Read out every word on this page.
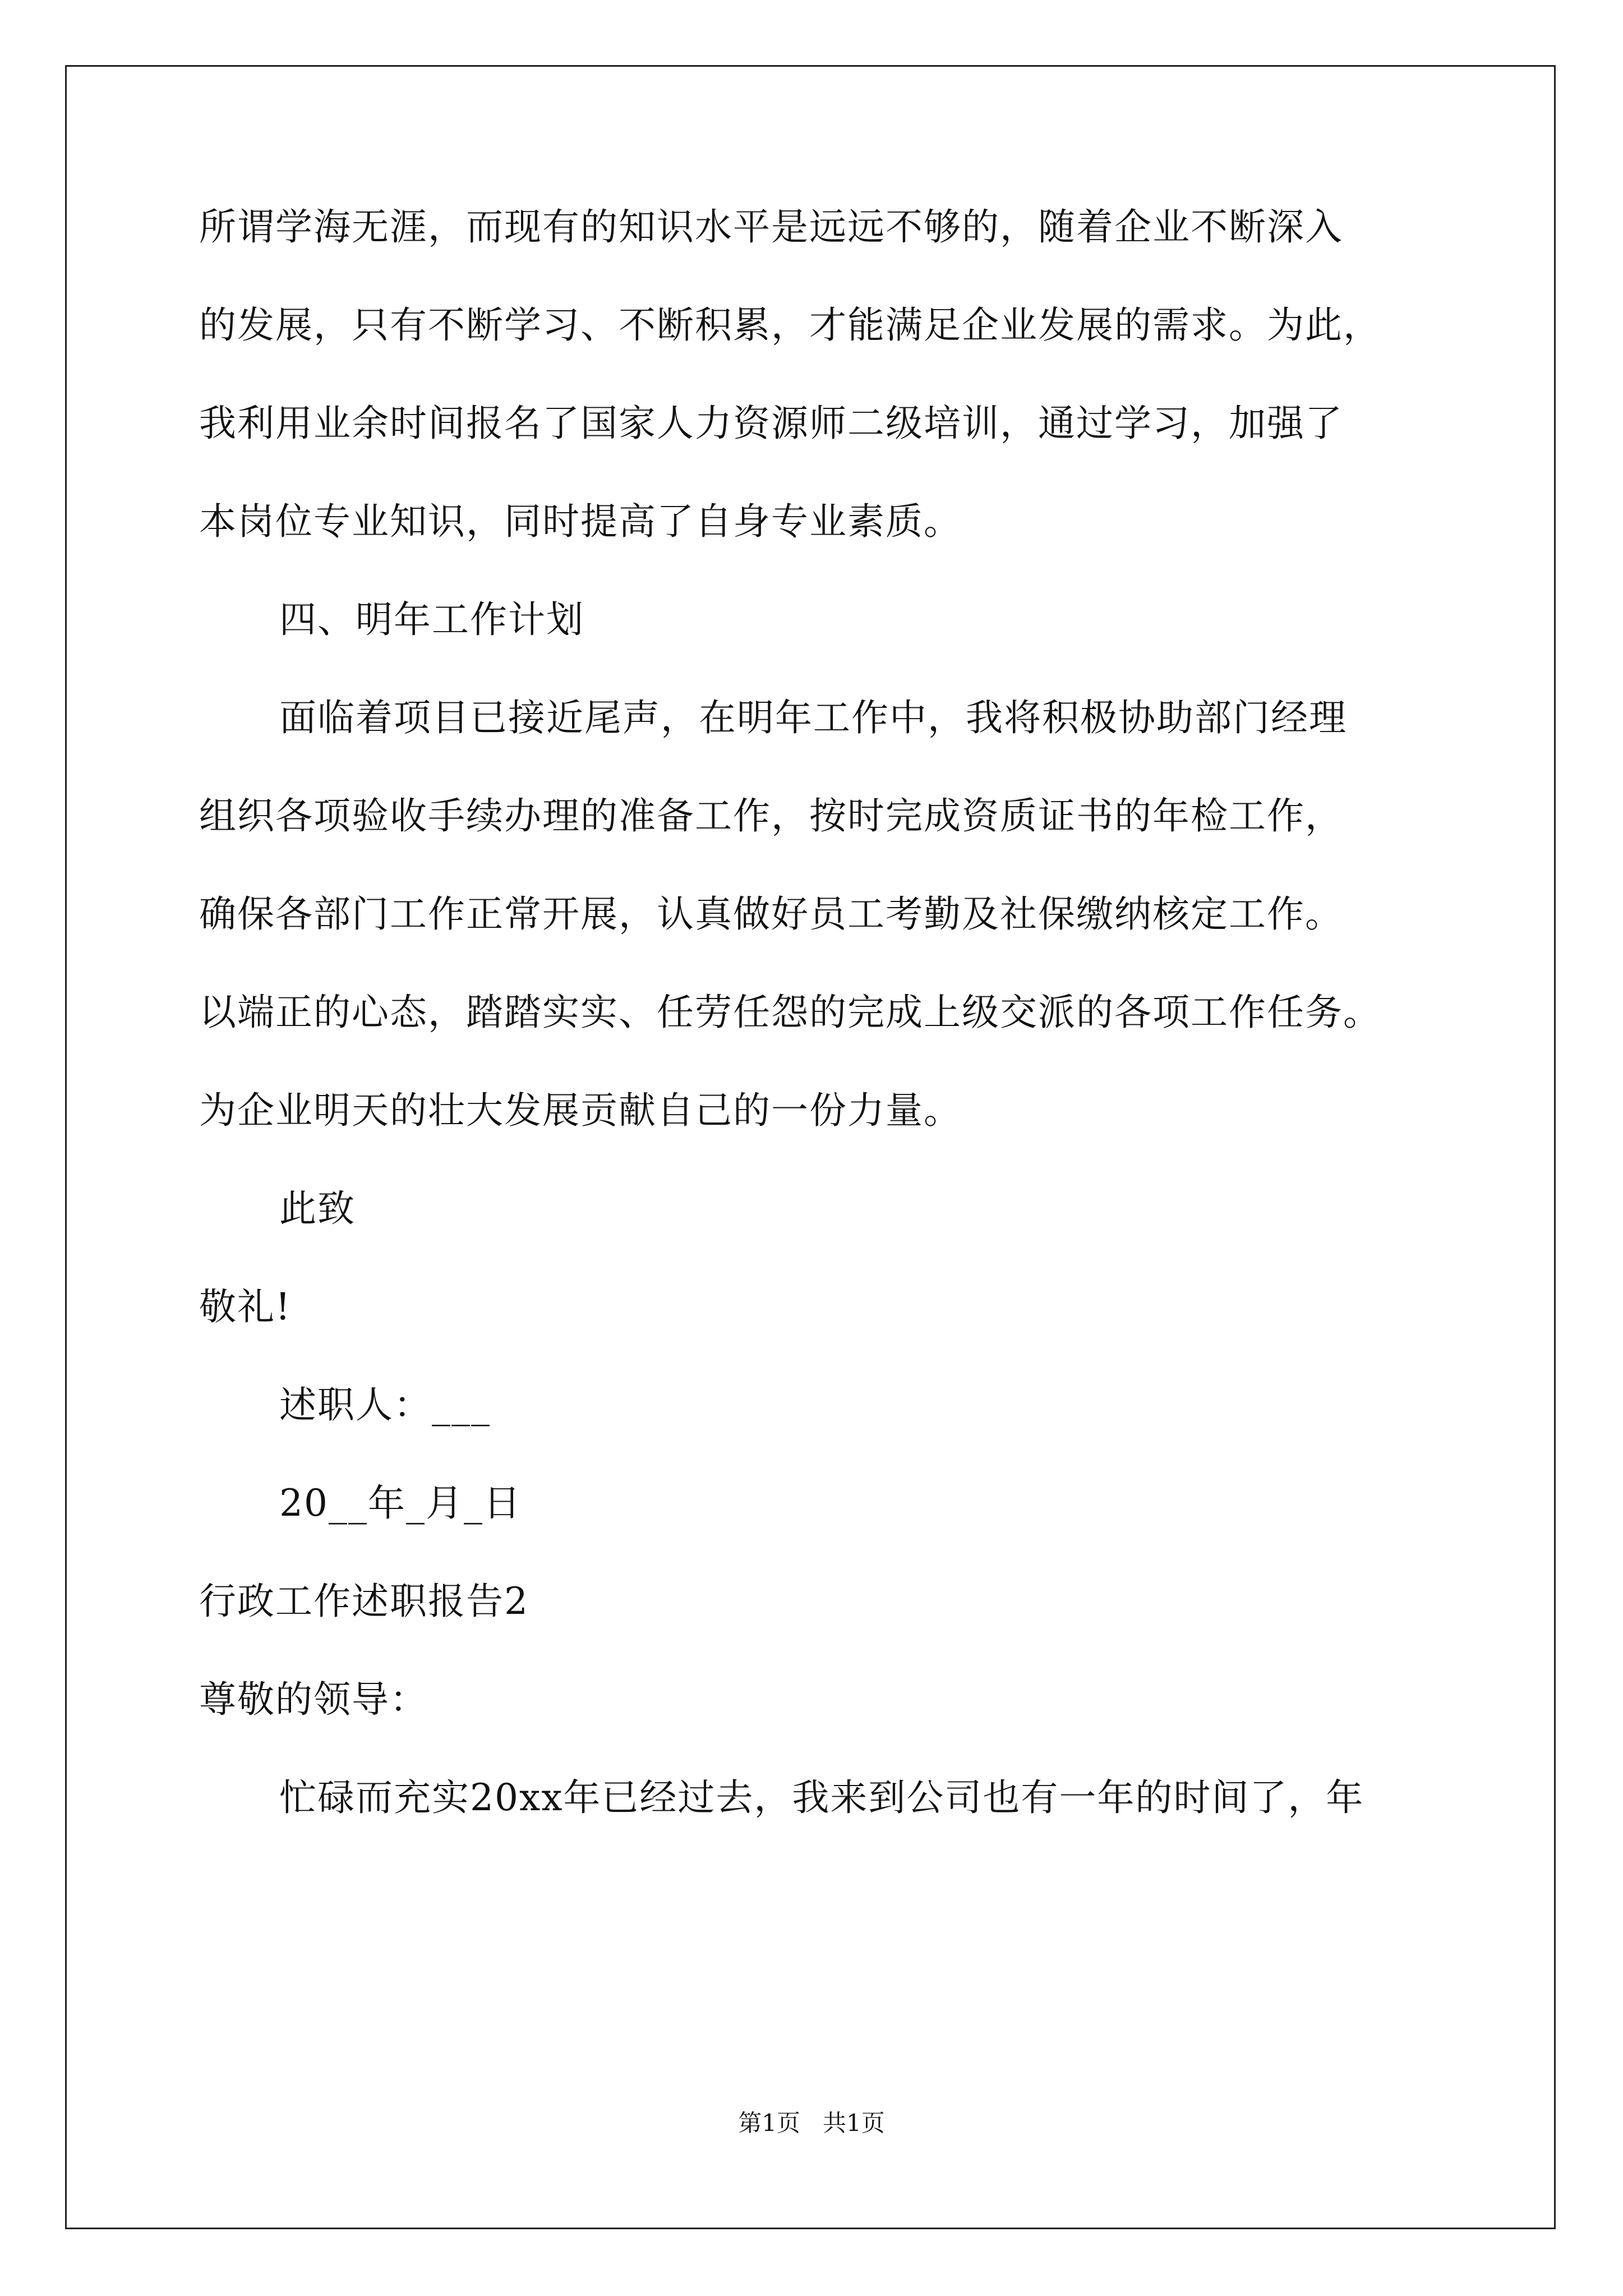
所谓学海无涯，而现有的知识水平是远远不够的，随着企业不断深入
的发展，只有不断学习、不断积累，才能满足企业发展的需求。为此，
我利用业余时间报名了国家人力资源师二级培训，通过学习，加强了
本岗位专业知识，同时提高了自身专业素质。
四、明年工作计划
面临着项目已接近尾声，在明年工作中，我将积极协助部门经理
组织各项验收手续办理的准备工作，按时完成资质证书的年检工作，
确保各部门工作正常开展，认真做好员工考勤及社保缴纳核定工作。
以端正的心态，踏踏实实、任劳任怨的完成上级交派的各项工作任务。
为企业明天的壮大发展贡献自己的一份力量。
此致
敬礼!
述职人：___
20__年_月_日
行政工作述职报告2
尊敬的领导：
忙碌而充实20xx年已经过去，我来到公司也有一年的时间了，年
第1页   共1页
